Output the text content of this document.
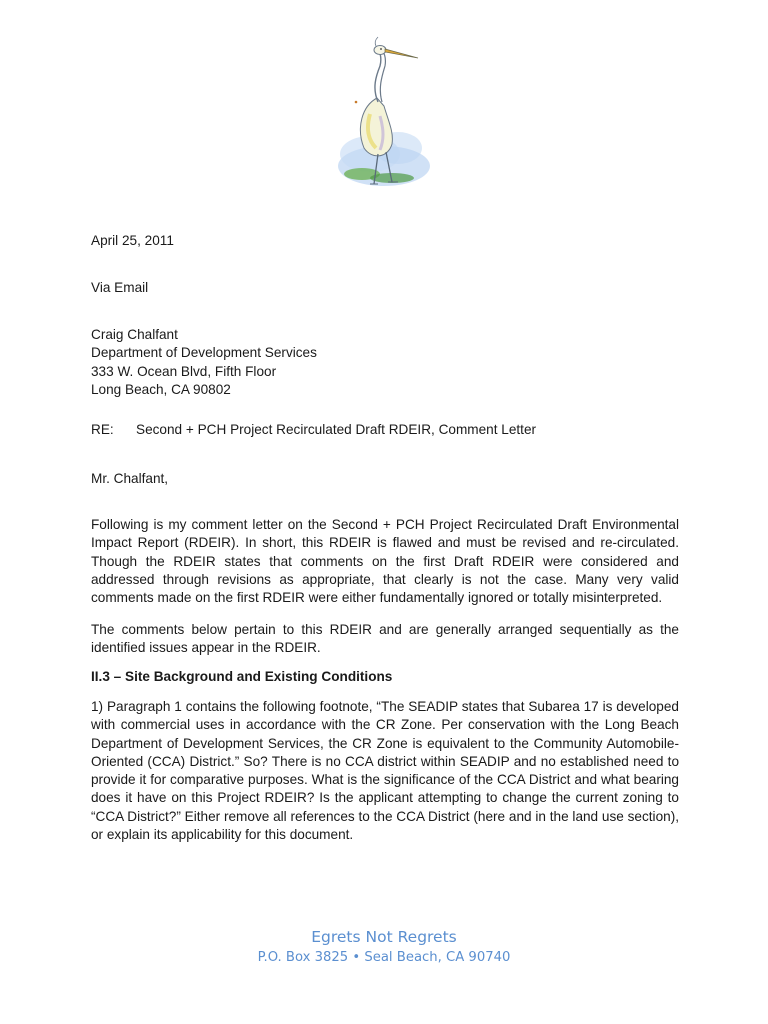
April 25, 2011
Via Email
Craig Chalfant
Department of Development Services
333 W. Ocean Blvd, Fifth Floor
Long Beach, CA 90802
RE: Second + PCH Project Recirculated Draft RDEIR, Comment Letter
Mr. Chalfant,
Following is my comment letter on the Second + PCH Project Recirculated Draft Environmental Impact Report (RDEIR). In short, this RDEIR is flawed and must be revised and re-circulated. Though the RDEIR states that comments on the first Draft RDEIR were considered and addressed through revisions as appropriate, that clearly is not the case. Many very valid comments made on the first RDEIR were either fundamentally ignored or totally misinterpreted.
The comments below pertain to this RDEIR and are generally arranged sequentially as the identified issues appear in the RDEIR.
II.3 – Site Background and Existing Conditions
1) Paragraph 1 contains the following footnote, “The SEADIP states that Subarea 17 is developed with commercial uses in accordance with the CR Zone. Per conservation with the Long Beach Department of Development Services, the CR Zone is equivalent to the Community Automobile-Oriented (CCA) District.” So? There is no CCA district within SEADIP and no established need to provide it for comparative purposes. What is the significance of the CCA District and what bearing does it have on this Project RDEIR? Is the applicant attempting to change the current zoning to “CCA District?” Either remove all references to the CCA District (here and in the land use section), or explain its applicability for this document.
Egrets Not Regrets
P.O. Box 3825 • Seal Beach, CA 90740
